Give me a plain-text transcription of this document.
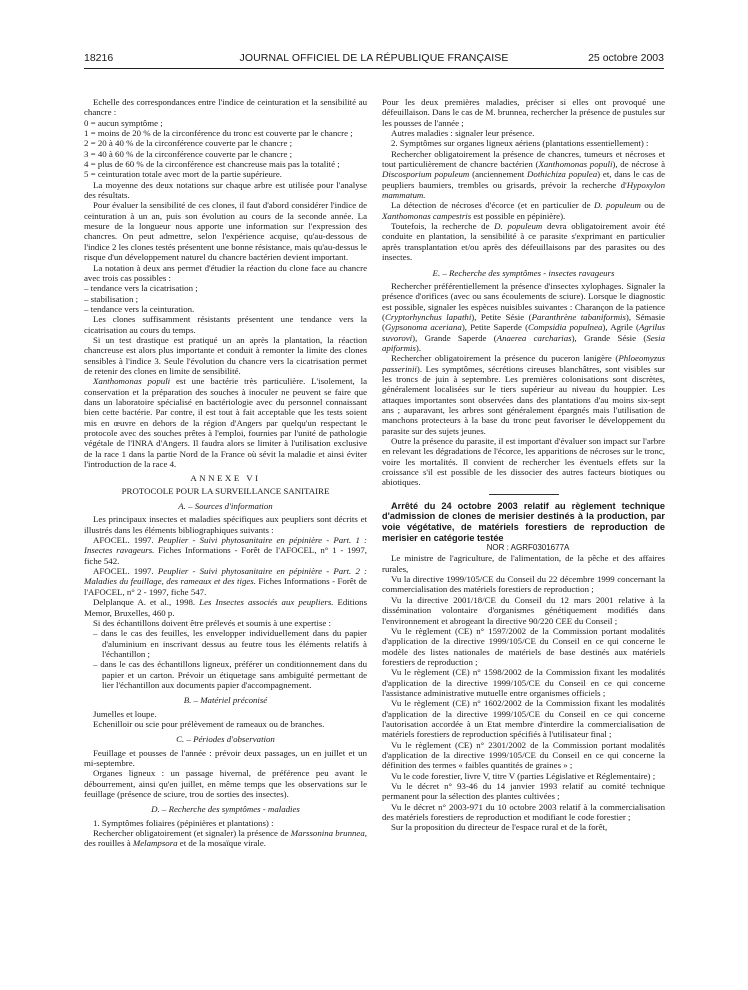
18216	JOURNAL OFFICIEL DE LA RÉPUBLIQUE FRANÇAISE	25 octobre 2003

Echelle des correspondances entre l'indice de ceinturation et la sensibilité au chancre :

0 = aucun symptôme ;

1 = moins de 20 % de la circonférence du tronc est couverte par le chancre ;

2 = 20 à 40 % de la circonférence couverte par le chancre ;

3 = 40 à 60 % de la circonférence couverte par le chancre ;

4 = plus de 60 % de la circonférence est chancreuse mais pas la totalité ;

5 = ceinturation totale avec mort de la partie supérieure.

La moyenne des deux notations sur chaque arbre est utilisée pour l'analyse des résultats.

Pour évaluer la sensibilité de ces clones, il faut d'abord considérer l'indice de ceinturation à un an, puis son évolution au cours de la seconde année. La mesure de la longueur nous apporte une information sur l'expression des chancres. On peut admettre, selon l'expérience acquise, qu'au-dessous de l'indice 2 les clones testés présentent une bonne résistance, mais qu'au-dessus le risque d'un développement naturel du chancre bactérien devient important.

La notation à deux ans permet d'étudier la réaction du clone face au chancre avec trois cas possibles :

– tendance vers la cicatrisation ;

– stabilisation ;

– tendance vers la ceinturation.

Les clones suffisamment résistants présentent une tendance vers la cicatrisation au cours du temps.

Si un test drastique est pratiqué un an après la plantation, la réaction chancreuse est alors plus importante et conduit à remonter la limite des clones sensibles à l'indice 3. Seule l'évolution du chancre vers la cicatrisation permet de retenir des clones en limite de sensibilité.

Xanthomonas populi est une bactérie très particulière. L'isolement, la conservation et la préparation des souches à inoculer ne peuvent se faire que dans un laboratoire spécialisé en bactériologie avec du personnel connaissant bien cette bactérie. Par contre, il est tout à fait acceptable que les tests soient mis en œuvre en dehors de la région d'Angers par quelqu'un respectant le protocole avec des souches prêtes à l'emploi, fournies par l'unité de pathologie végétale de l'INRA d'Angers. Il faudra alors se limiter à l'utilisation exclusive de la race 1 dans la partie Nord de la France où sévit la maladie et ainsi éviter l'introduction de la race 4.

ANNEXE VI

PROTOCOLE POUR LA SURVEILLANCE SANITAIRE

A. – Sources d'information

Les principaux insectes et maladies spécifiques aux peupliers sont décrits et illustrés dans les éléments bibliographiques suivants :

AFOCEL. 1997. Peuplier - Suivi phytosanitaire en pépinière - Part. 1 : Insectes ravageurs. Fiches Informations - Forêt de l'AFOCEL, n° 1 - 1997, fiche 542.

AFOCEL. 1997. Peuplier - Suivi phytosanitaire en pépinière - Part. 2 : Maladies du feuillage, des rameaux et des tiges. Fiches Informations - Forêt de l'AFOCEL, n° 2 - 1997, fiche 547.

Delplanque A. et al., 1998. Les Insectes associés aux peupliers. Editions Memor, Bruxelles, 460 p.

Si des échantillons doivent être prélevés et soumis à une expertise :

– dans le cas des feuilles, les envelopper individuellement dans du papier d'aluminium en inscrivant dessus au feutre tous les éléments relatifs à l'échantillon ;

– dans le cas des échantillons ligneux, préférer un conditionnement dans du papier et un carton. Prévoir un étiquetage sans ambiguïté permettant de lier l'échantillon aux documents papier d'accompagnement.

B. – Matériel préconisé

Jumelles et loupe.

Echenilloir ou scie pour prélèvement de rameaux ou de branches.

C. – Périodes d'observation

Feuillage et pousses de l'année : prévoir deux passages, un en juillet et un mi-septembre.

Organes ligneux : un passage hivernal, de préférence peu avant le débourrement, ainsi qu'en juillet, en même temps que les observations sur le feuillage (présence de sciure, trou de sorties des insectes).

D. – Recherche des symptômes - maladies

1. Symptômes foliaires (pépinières et plantations) :

Rechercher obligatoirement (et signaler) la présence de Marssonina brunnea, des rouilles à Melampsora et de la mosaïque virale.

Pour les deux premières maladies, préciser si elles ont provoqué une défeuillaison. Dans le cas de M. brunnea, rechercher la présence de pustules sur les pousses de l'année ;

Autres maladies : signaler leur présence.

2. Symptômes sur organes ligneux aériens (plantations essentiellement) :

Rechercher obligatoirement la présence de chancres, tumeurs et nécroses et tout particulièrement de chancre bactérien (Xanthomonas populi), de nécrose à Discosporium populeum (anciennement Dothichiza populea) et, dans le cas de peupliers baumiers, trembles ou grisards, prévoir la recherche d'Hypoxylon mammatum.

La détection de nécroses d'écorce (et en particulier de D. populeum ou de Xanthomonas campestris est possible en pépinière).

Toutefois, la recherche de D. populeum devra obligatoirement avoir été conduite en plantation, la sensibilité à ce parasite s'exprimant en particulier après transplantation et/ou après des défeuillaisons par des parasites ou des insectes.

E. – Recherche des symptômes - insectes ravageurs

Rechercher préférentiellement la présence d'insectes xylophages. Signaler la présence d'orifices (avec ou sans écoulements de sciure). Lorsque le diagnostic est possible, signaler les espèces nuisibles suivantes : Charançon de la patience (Cryptorhynchus lapathi), Petite Sésie (Paranthrène tabaniformis), Sémasie (Gypsonoma aceriana), Petite Saperde (Compsidia populnea), Agrile (Agrilus suvorovi), Grande Saperde (Anaerea carcharias), Grande Sésie (Sesia apiformis).

Rechercher obligatoirement la présence du puceron lanigère (Phloeomyzus passerinii). Les symptômes, sécrétions cireuses blanchâtres, sont visibles sur les troncs de juin à septembre. Les premières colonisations sont discrètes, généralement localisées sur le tiers supérieur au niveau du houppier. Les attaques importantes sont observées dans des plantations d'au moins six-sept ans ; auparavant, les arbres sont généralement épargnés mais l'utilisation de manchons protecteurs à la base du tronc peut favoriser le développement du parasite sur des sujets jeunes.

Outre la présence du parasite, il est important d'évaluer son impact sur l'arbre en relevant les dégradations de l'écorce, les apparitions de nécroses sur le tronc, voire les mortalités. Il convient de rechercher les éventuels effets sur la croissance s'il est possible de les dissocier des autres facteurs biotiques ou abiotiques.

Arrêté du 24 octobre 2003 relatif au règlement technique d'admission de clones de merisier destinés à la production, par voie végétative, de matériels forestiers de reproduction de merisier en catégorie testée

NOR : AGRF0301677A

Le ministre de l'agriculture, de l'alimentation, de la pêche et des affaires rurales,

Vu la directive 1999/105/CE du Conseil du 22 décembre 1999 concernant la commercialisation des matériels forestiers de reproduction ;

Vu la directive 2001/18/CE du Conseil du 12 mars 2001 relative à la dissémination volontaire d'organismes génétiquement modifiés dans l'environnement et abrogeant la directive 90/220 CEE du Conseil ;

Vu le règlement (CE) n° 1597/2002 de la Commission portant modalités d'application de la directive 1999/105/CE du Conseil en ce qui concerne le modèle des listes nationales de matériels de base destinés aux matériels forestiers de reproduction ;

Vu le règlement (CE) n° 1598/2002 de la Commission fixant les modalités d'application de la directive 1999/105/CE du Conseil en ce qui concerne l'assistance administrative mutuelle entre organismes officiels ;

Vu le règlement (CE) n° 1602/2002 de la Commission fixant les modalités d'application de la directive 1999/105/CE du Conseil en ce qui concerne l'autorisation accordée à un Etat membre d'interdire la commercialisation de matériels forestiers de reproduction spécifiés à l'utilisateur final ;

Vu le règlement (CE) n° 2301/2002 de la Commission portant modalités d'application de la directive 1999/105/CE du Conseil en ce qui concerne la définition des termes « faibles quantités de graines » ;

Vu le code forestier, livre V, titre V (parties Législative et Réglementaire) ;

Vu le décret n° 93-46 du 14 janvier 1993 relatif au comité technique permanent pour la sélection des plantes cultivées ;

Vu le décret n° 2003-971 du 10 octobre 2003 relatif à la commercialisation des matériels forestiers de reproduction et modifiant le code forestier ;

Sur la proposition du directeur de l'espace rural et de la forêt,
